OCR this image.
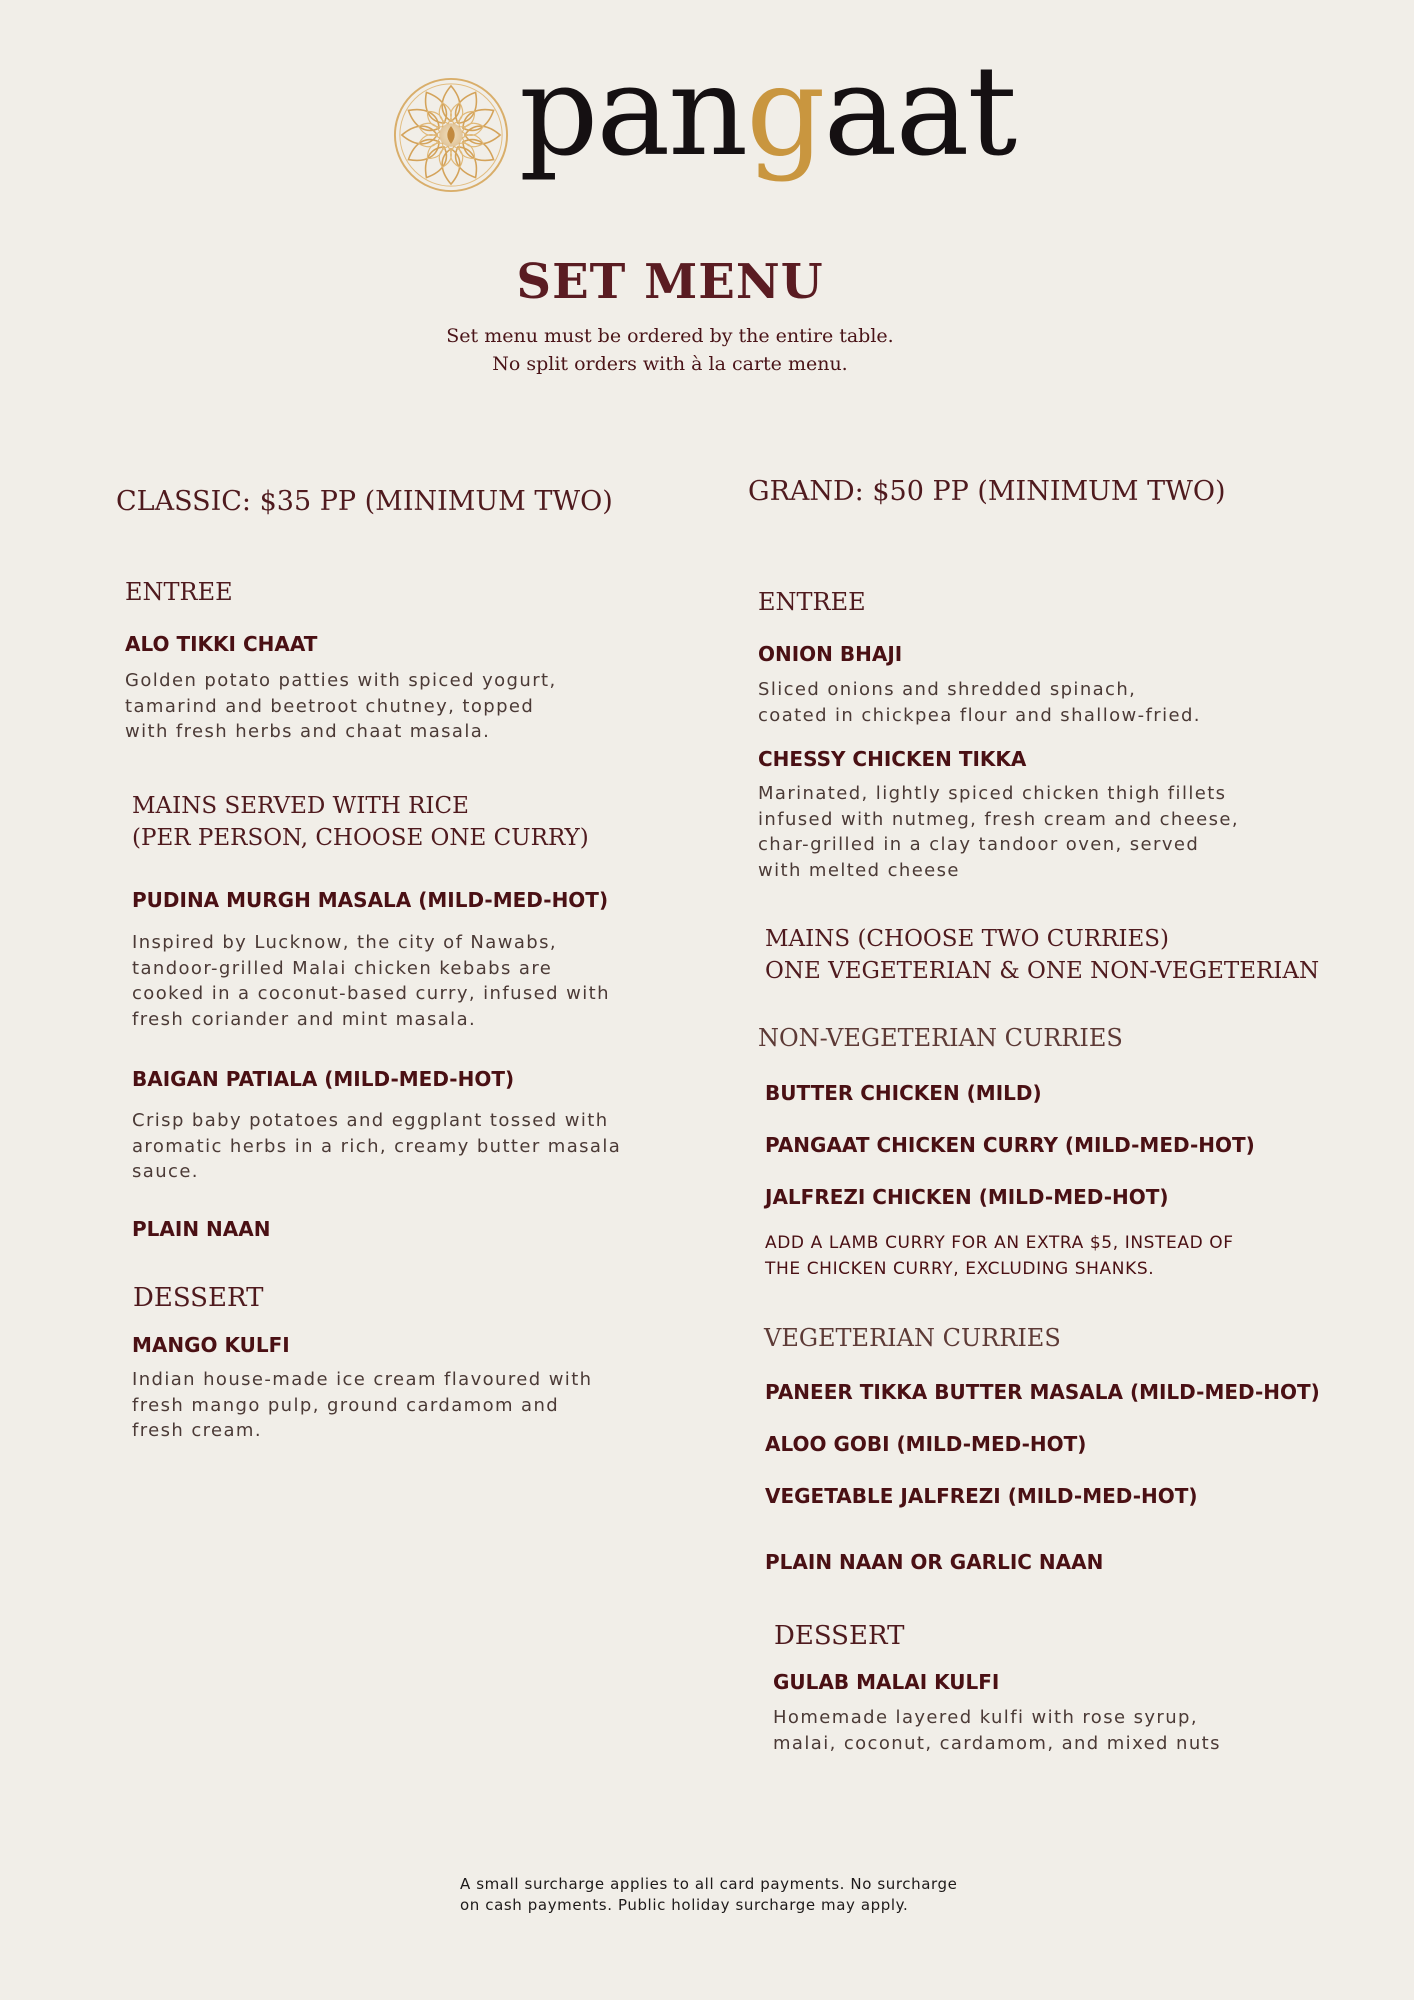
pangaat
SET MENU
Set menu must be ordered by the entire table.
No split orders with à la carte menu.
CLASSIC: $35 PP (MINIMUM TWO)
ENTREE
ALO TIKKI CHAAT
Golden potato patties with spiced yogurt,
tamarind and beetroot chutney, topped
with fresh herbs and chaat masala.
MAINS SERVED WITH RICE
(PER PERSON, CHOOSE ONE CURRY)
PUDINA MURGH MASALA (MILD-MED-HOT)
Inspired by Lucknow, the city of Nawabs,
tandoor-grilled Malai chicken kebabs are
cooked in a coconut-based curry, infused with
fresh coriander and mint masala.
BAIGAN PATIALA (MILD-MED-HOT)
Crisp baby potatoes and eggplant tossed with
aromatic herbs in a rich, creamy butter masala
sauce.
PLAIN NAAN
DESSERT
MANGO KULFI
Indian house-made ice cream flavoured with
fresh mango pulp, ground cardamom and
fresh cream.
GRAND: $50 PP (MINIMUM TWO)
ENTREE
ONION BHAJI
Sliced onions and shredded spinach,
coated in chickpea flour and shallow-fried.
CHESSY CHICKEN TIKKA
Marinated, lightly spiced chicken thigh fillets
infused with nutmeg, fresh cream and cheese,
char-grilled in a clay tandoor oven, served
with melted cheese
MAINS (CHOOSE TWO CURRIES)
ONE VEGETERIAN & ONE NON-VEGETERIAN
NON-VEGETERIAN CURRIES
BUTTER CHICKEN (MILD)
PANGAAT CHICKEN CURRY (MILD-MED-HOT)
JALFREZI CHICKEN (MILD-MED-HOT)
ADD A LAMB CURRY FOR AN EXTRA $5, INSTEAD OF
THE CHICKEN CURRY, EXCLUDING SHANKS.
VEGETERIAN CURRIES
PANEER TIKKA BUTTER MASALA (MILD-MED-HOT)
ALOO GOBI (MILD-MED-HOT)
VEGETABLE JALFREZI (MILD-MED-HOT)
PLAIN NAAN OR GARLIC NAAN
DESSERT
GULAB MALAI KULFI
Homemade layered kulfi with rose syrup,
malai, coconut, cardamom, and mixed nuts
A small surcharge applies to all card payments. No surcharge
on cash payments. Public holiday surcharge may apply.
